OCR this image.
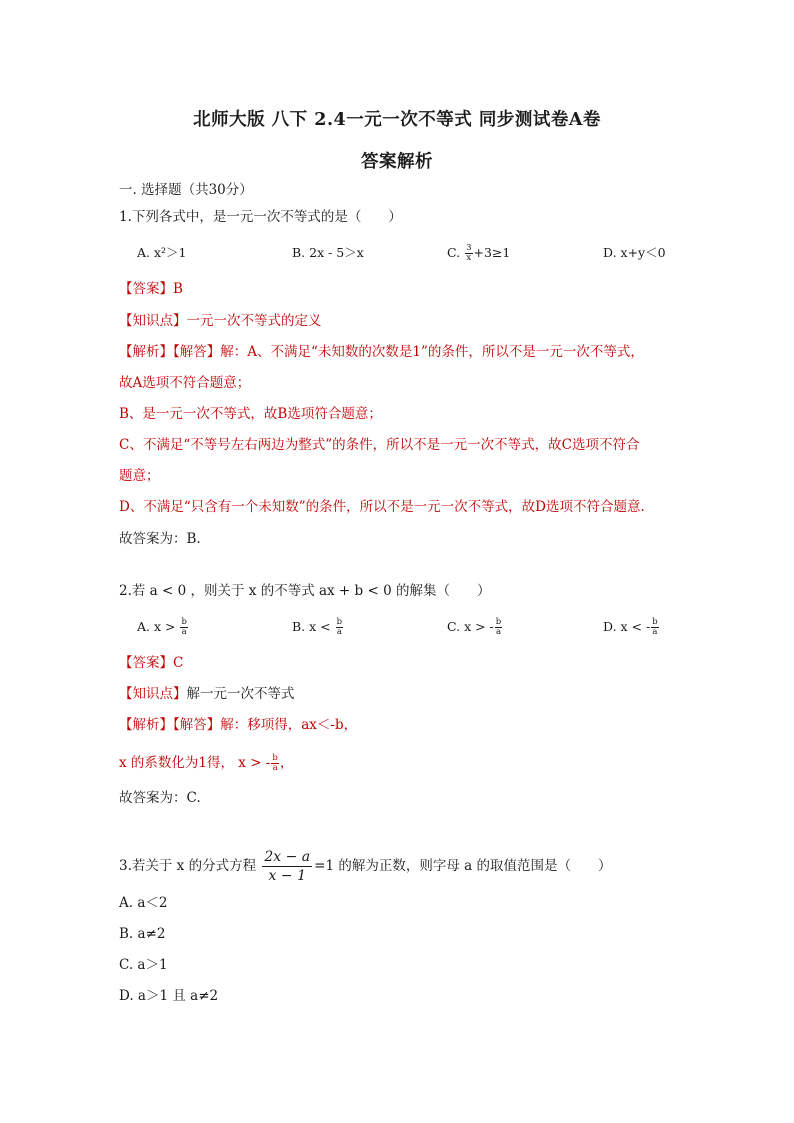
北师大版 八下 2.4一元一次不等式 同步测试卷A卷
答案解析
一. 选择题（共30分）
1.下列各式中，是一元一次不等式的是（　　）
A. x²＞1	B. 2x - 5＞x	C. $\frac{3}{x} +3\ge 1$	D. x+y＜0
【答案】B
【知识点】一元一次不等式的定义
【解析】【解答】解：A、不满足“未知数的次数是1”的条件，所以不是一元一次不等式，
故A选项不符合题意；
B、是一元一次不等式，故B选项符合题意；
C、不满足“不等号左右两边为整式”的条件，所以不是一元一次不等式，故C选项不符合
题意；
D、不满足“只含有一个未知数”的条件，所以不是一元一次不等式，故D选项不符合题意.
故答案为：B.
2.若 a < 0 ，则关于 x 的不等式 ax + b < 0 的解集（　　）
A. $x > \frac{b}{a}$	B. $x < \frac{b}{a}$	C. x > - $\frac{b}{a}$	D. x < - $\frac{b}{a}$
【答案】C
【知识点】解一元一次不等式
【解析】【解答】解：移项得，ax＜-b，
x 的系数化为1得， x > - $\frac{b}{a}$ ，
故答案为：C.
3.若关于 x 的分式方程 $\frac{2x - a}{x - 1} =1$ 的解为正数，则字母 a 的取值范围是（　　）
A. a＜2
B. a≠2
C. a＞1
D. a＞1 且 a≠2
